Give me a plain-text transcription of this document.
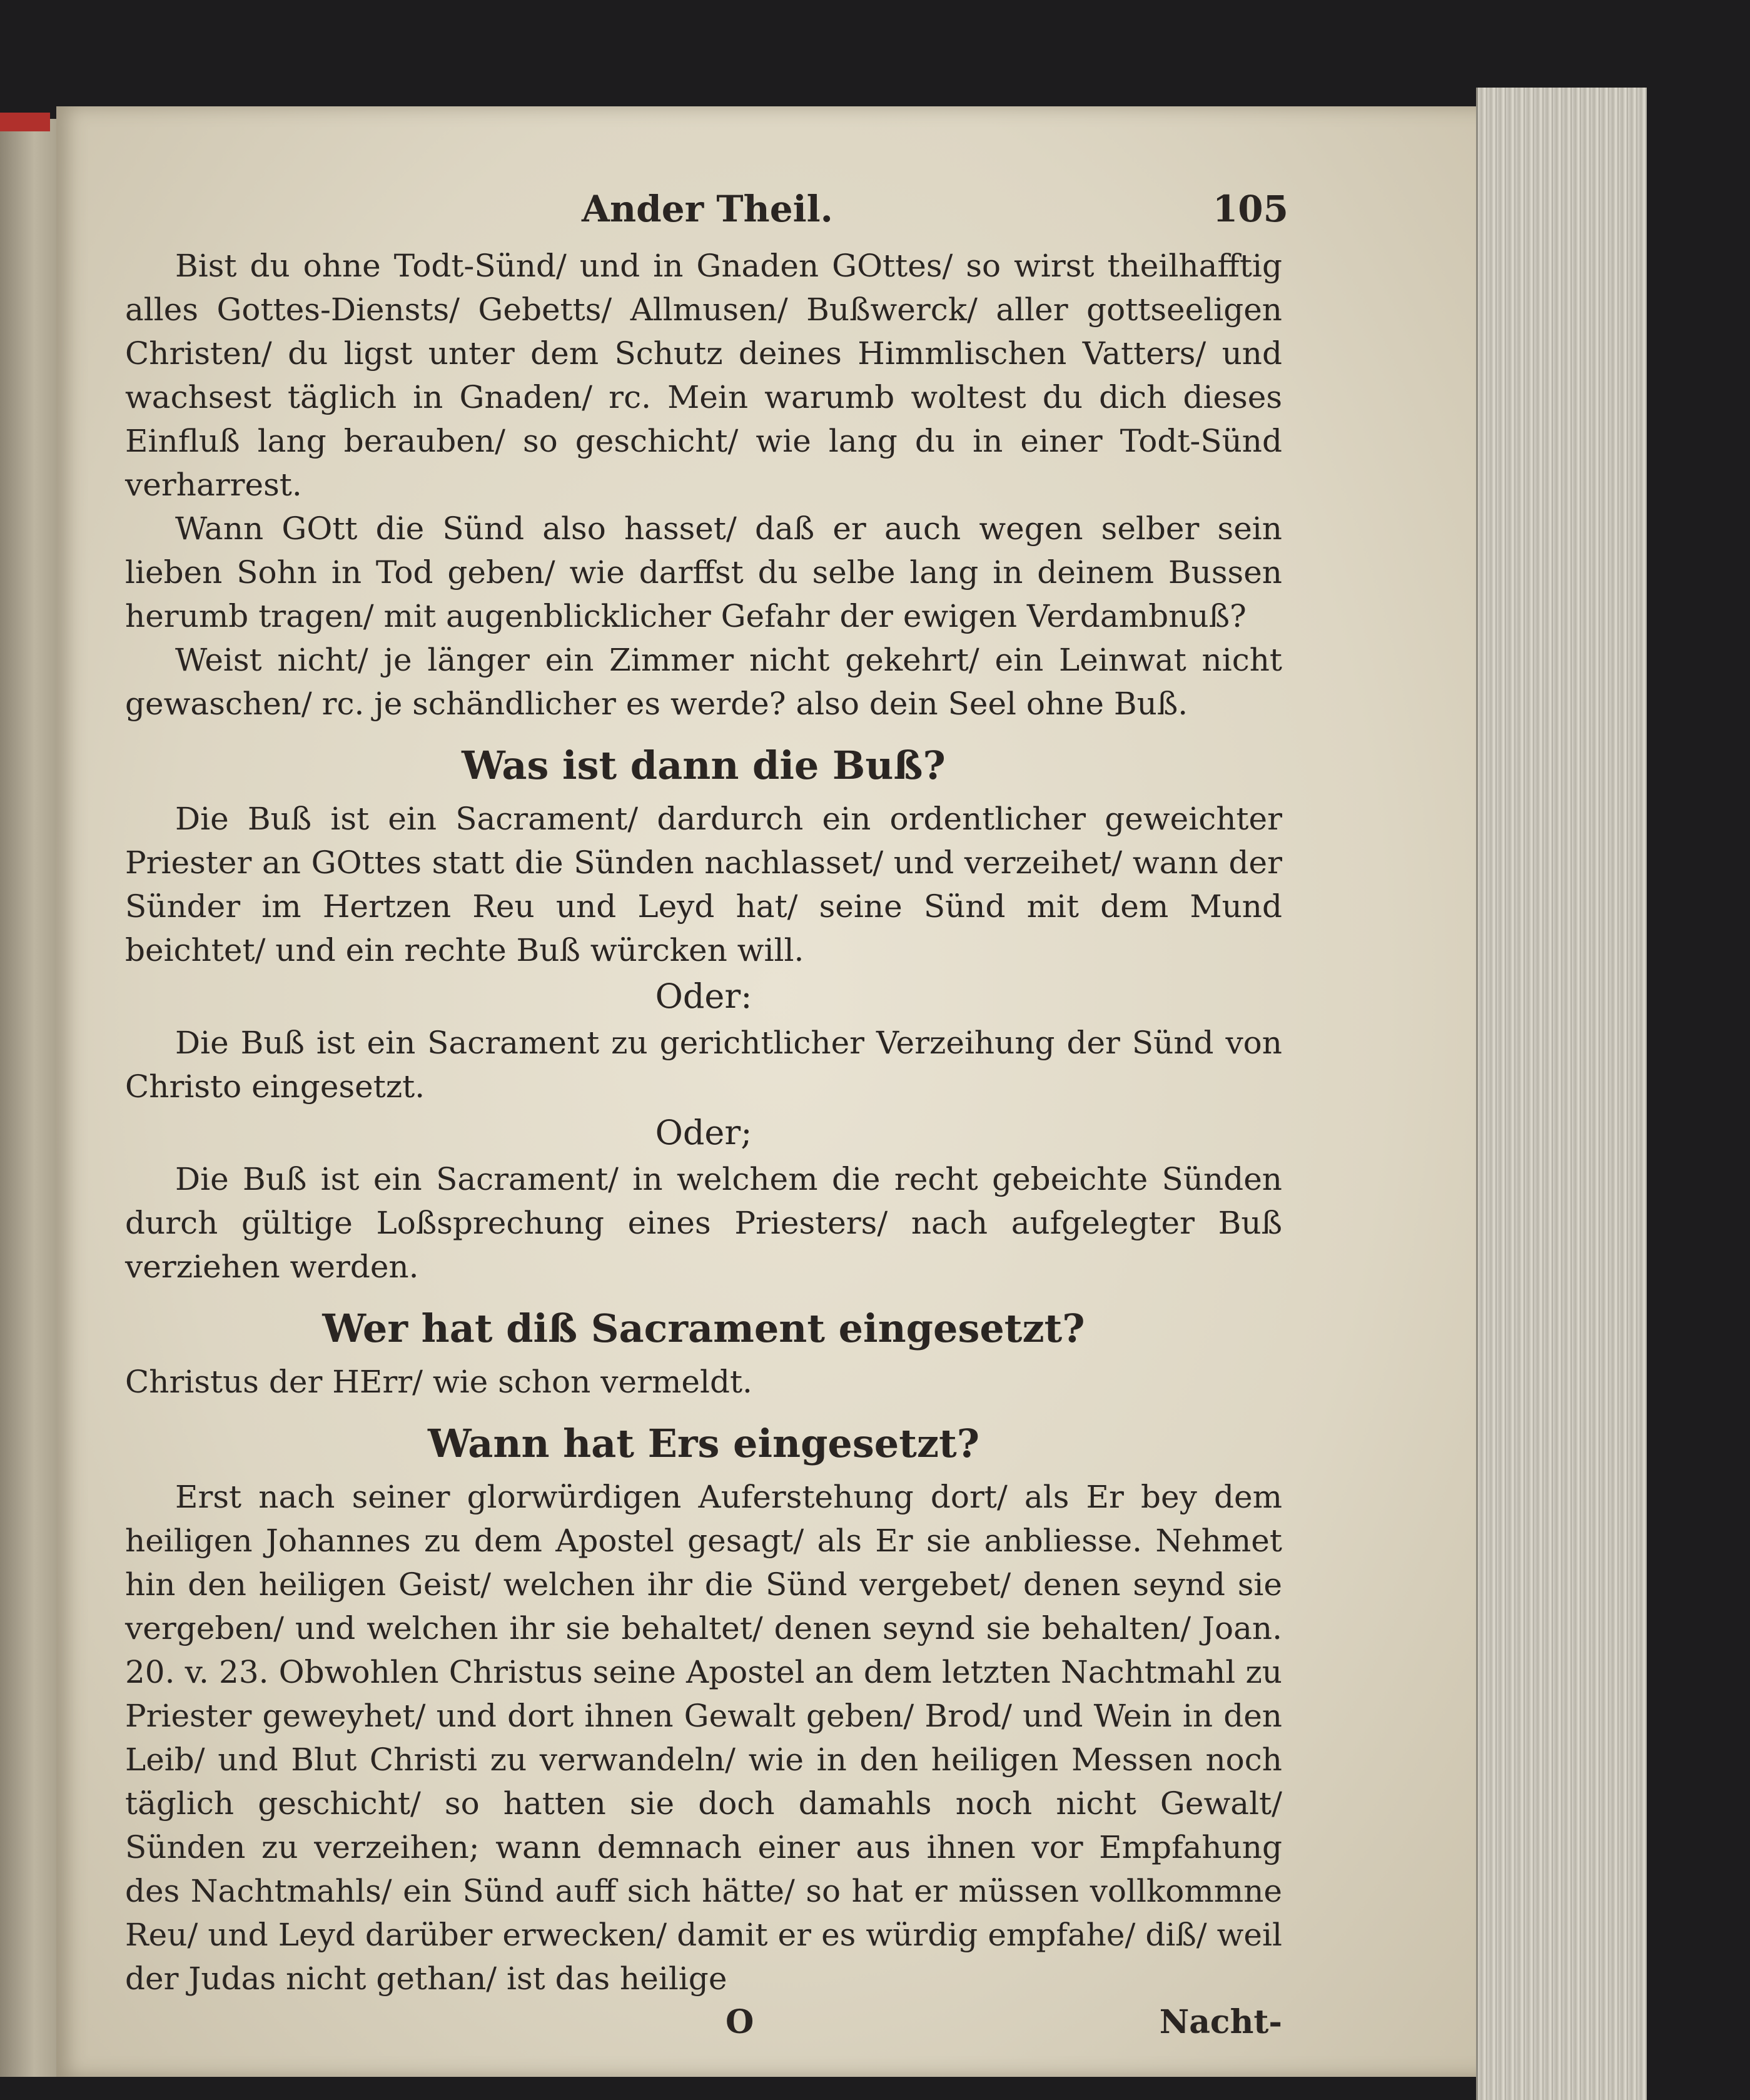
Ander Theil.	105

Bist du ohne Todt-Sünd/ und in Gnaden GOttes/ so wirst theilhafftig alles Gottes-Diensts/ Gebetts/ Allmusen/ Bußwerck/ aller gottseeligen Christen/ du ligst unter dem Schutz deines Himmlischen Vatters/ und wachsest täglich in Gnaden/ rc. Mein warumb woltest du dich dieses Einfluß lang berauben/ so geschicht/ wie lang du in einer Todt-Sünd verharrest.

Wann GOtt die Sünd also hasset/ daß er auch wegen selber sein lieben Sohn in Tod geben/ wie darffst du selbe lang in deinem Bussen herumb tragen/ mit augenblicklicher Gefahr der ewigen Verdambnuß?

Weist nicht/ je länger ein Zimmer nicht gekehrt/ ein Leinwat nicht gewaschen/ rc. je schändlicher es werde? also dein Seel ohne Buß.

Was ist dann die Buß?

Die Buß ist ein Sacrament/ dardurch ein ordentlicher geweichter Priester an GOttes statt die Sünden nachlasset/ und verzeihet/ wann der Sünder im Hertzen Reu und Leyd hat/ seine Sünd mit dem Mund beichtet/ und ein rechte Buß würcken will.

Oder:

Die Buß ist ein Sacrament zu gerichtlicher Verzeihung der Sünd von Christo eingesetzt.

Oder;

Die Buß ist ein Sacrament/ in welchem die recht gebeichte Sünden durch gültige Loßsprechung eines Priesters/ nach aufgelegter Buß verziehen werden.

Wer hat diß Sacrament eingesetzt?

Christus der HErr/ wie schon vermeldt.

Wann hat Ers eingesetzt?

Erst nach seiner glorwürdigen Auferstehung dort/ als Er bey dem heiligen Johannes zu dem Apostel gesagt/ als Er sie anbliesse. Nehmet hin den heiligen Geist/ welchen ihr die Sünd vergebet/ denen seynd sie vergeben/ und welchen ihr sie behaltet/ denen seynd sie behalten/ Joan. 20. v. 23. Obwohlen Christus seine Apostel an dem letzten Nachtmahl zu Priester geweyhet/ und dort ihnen Gewalt geben/ Brod/ und Wein in den Leib/ und Blut Christi zu verwandeln/ wie in den heiligen Messen noch täglich geschicht/ so hatten sie doch damahls noch nicht Gewalt/ Sünden zu verzeihen; wann demnach einer aus ihnen vor Empfahung des Nachtmahls/ ein Sünd auff sich hätte/ so hat er müssen vollkommne Reu/ und Leyd darüber erwecken/ damit er es würdig empfahe/ diß/ weil der Judas nicht gethan/ ist das heilige

O	Nacht-
